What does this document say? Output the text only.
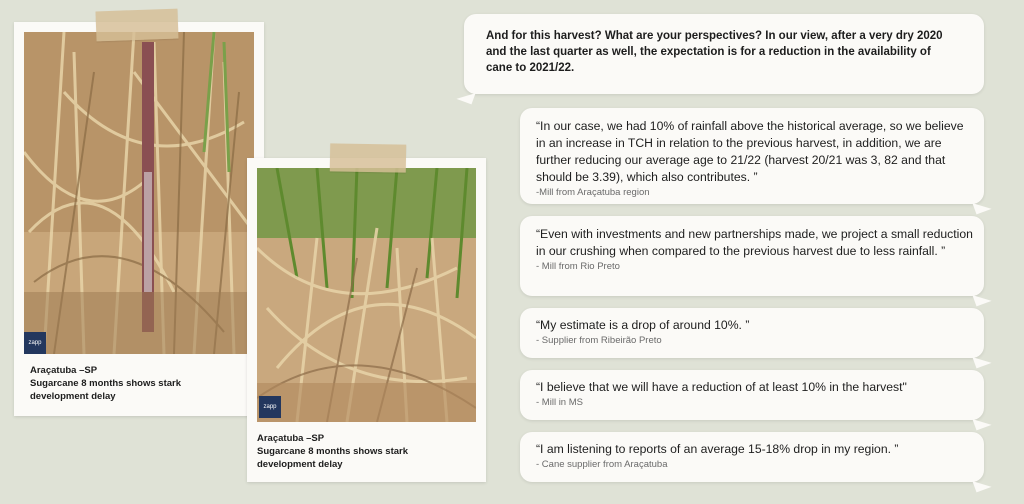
zapp
Araçatuba –SP
Sugarcane 8 months shows stark
development delay
zapp
Araçatuba –SP
Sugarcane 8 months shows stark
development delay
And for this harvest? What are your perspectives? In our view, after a very dry 2020 and the last quarter as well, the expectation is for a reduction in the availability of cane to 2021/22.
“In our case, we had 10% of rainfall above the historical average, so we believe in an increase in TCH in relation to the previous harvest, in addition, we are further reducing our average age to 21/22 (harvest 20/21 was 3, 82 and that should be 3.39), which also contributes. ”
-Mill from Araçatuba region
“Even with investments and new partnerships made, we project a small reduction in our crushing when compared to the previous harvest due to less rainfall. ”
- Mill from Rio Preto
“My estimate is a drop of around 10%. ”
- Supplier from Ribeirão Preto
“I believe that we will have a reduction of at least 10% in the harvest"
- Mill in MS
“I am listening to reports of an average 15-18% drop in my region. ”
- Cane supplier from Araçatuba
